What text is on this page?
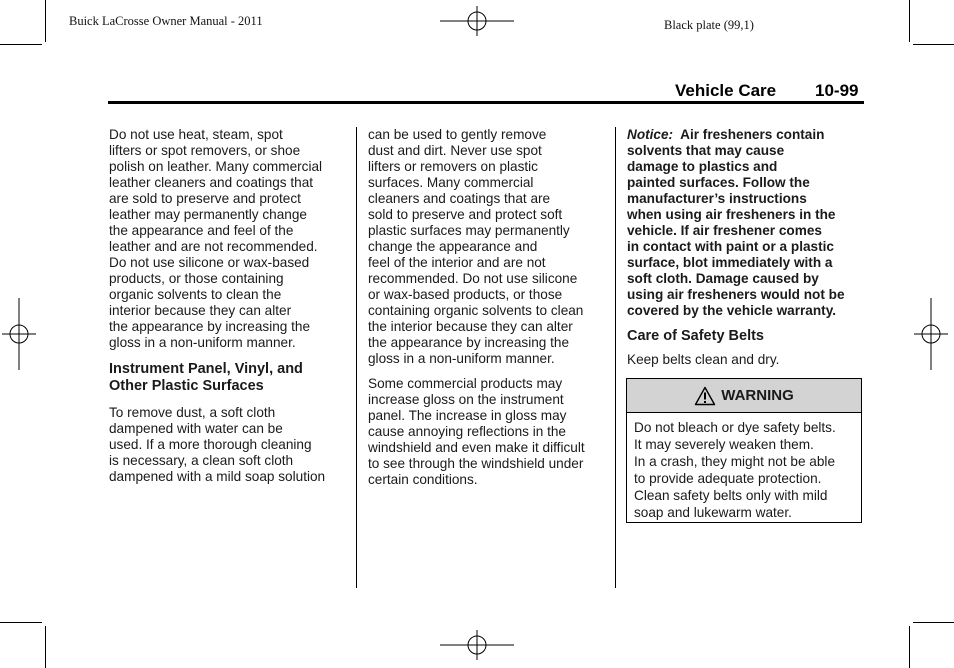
Buick LaCrosse Owner Manual - 2011	Black plate (99,1)
Vehicle Care 10-99

Do not use heat, steam, spot

lifters or spot removers, or shoe

polish on leather. Many commercial

leather cleaners and coatings that

are sold to preserve and protect

leather may permanently change

the appearance and feel of the

leather and are not recommended.

Do not use silicone or wax-based

products, or those containing

organic solvents to clean the

interior because they can alter

the appearance by increasing the

gloss in a non-uniform manner.

Instrument Panel, Vinyl, and
Other Plastic Surfaces

To remove dust, a soft cloth

dampened with water can be

used. If a more thorough cleaning

is necessary, a clean soft cloth

dampened with a mild soap solution

can be used to gently remove

dust and dirt. Never use spot

lifters or removers on plastic

surfaces. Many commercial

cleaners and coatings that are

sold to preserve and protect soft

plastic surfaces may permanently

change the appearance and

feel of the interior and are not

recommended. Do not use silicone

or wax-based products, or those

containing organic solvents to clean

the interior because they can alter

the appearance by increasing the

gloss in a non-uniform manner.

Some commercial products may

increase gloss on the instrument

panel. The increase in gloss may

cause annoying reflections in the

windshield and even make it difficult

to see through the windshield under

certain conditions.

Notice: Air fresheners contain

solvents that may cause

damage to plastics and

painted surfaces. Follow the

manufacturer’s instructions

when using air fresheners in the

vehicle. If air freshener comes

in contact with paint or a plastic

surface, blot immediately with a

soft cloth. Damage caused by

using air fresheners would not be

covered by the vehicle warranty.

Care of Safety Belts
Keep belts clean and dry.
WARNING

Do not bleach or dye safety belts.

It may severely weaken them.

In a crash, they might not be able

to provide adequate protection.

Clean safety belts only with mild

soap and lukewarm water.
